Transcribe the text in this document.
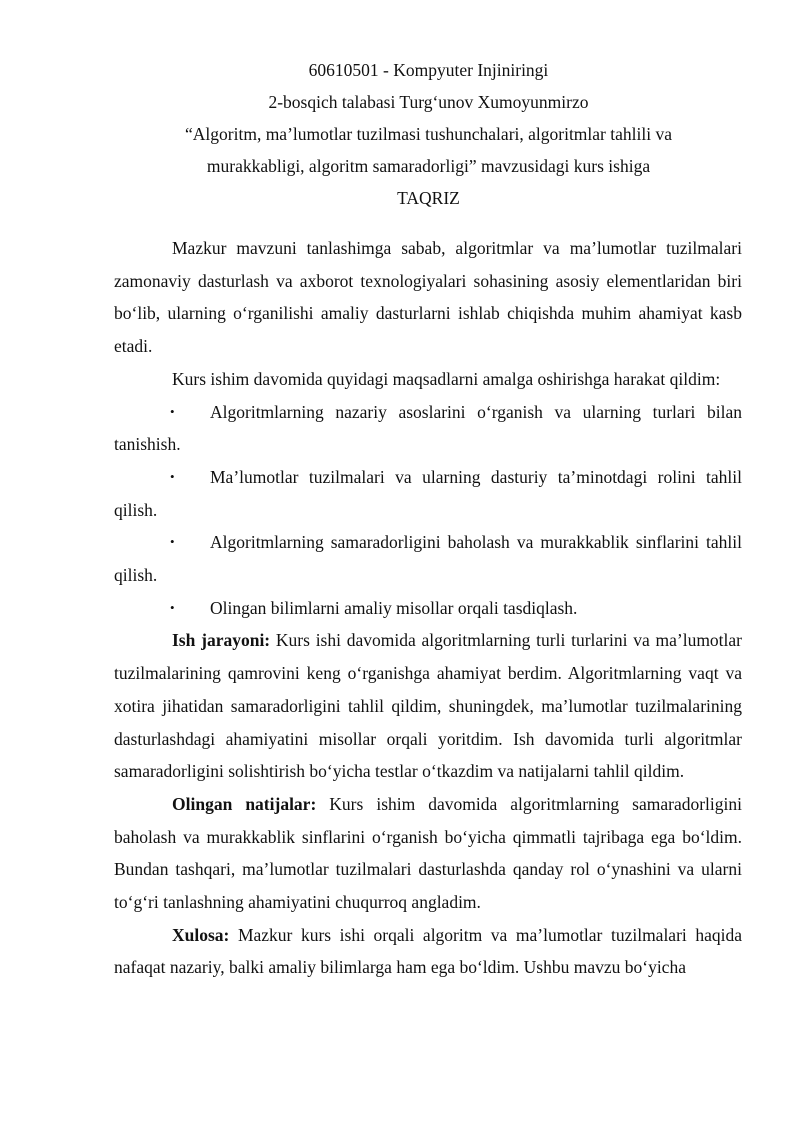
60610501 - Kompyuter Injiniringi
2-bosqich talabasi Turg‘unov Xumoyunmirzo
“Algoritm, ma’lumotlar tuzilmasi tushunchalari, algoritmlar tahlili va
murakkabligi, algoritm samaradorligi” mavzusidagi kurs ishiga
TAQRIZ

Mazkur mavzuni tanlashimga sabab, algoritmlar va ma’lumotlar tuzilmalari zamonaviy dasturlash va axborot texnologiyalari sohasining asosiy elementlaridan biri bo‘lib, ularning o‘rganilishi amaliy dasturlarni ishlab chiqishda muhim ahamiyat kasb etadi.

Kurs ishim davomida quyidagi maqsadlarni amalga oshirishga harakat qildim:

• Algoritmlarning nazariy asoslarini o‘rganish va ularning turlari bilan tanishish.

• Ma’lumotlar tuzilmalari va ularning dasturiy ta’minotdagi rolini tahlil qilish.

• Algoritmlarning samaradorligini baholash va murakkablik sinflarini tahlil qilish.

• Olingan bilimlarni amaliy misollar orqali tasdiqlash.

Ish jarayoni: Kurs ishi davomida algoritmlarning turli turlarini va ma’lumotlar tuzilmalarining qamrovini keng o‘rganishga ahamiyat berdim. Algoritmlarning vaqt va xotira jihatidan samaradorligini tahlil qildim, shuningdek, ma’lumotlar tuzilmalarining dasturlashdagi ahamiyatini misollar orqali yoritdim. Ish davomida turli algoritmlar samaradorligini solishtirish bo‘yicha testlar o‘tkazdim va natijalarni tahlil qildim.

Olingan natijalar: Kurs ishim davomida algoritmlarning samaradorligini baholash va murakkablik sinflarini o‘rganish bo‘yicha qimmatli tajribaga ega bo‘ldim. Bundan tashqari, ma’lumotlar tuzilmalari dasturlashda qanday rol o‘ynashini va ularni to‘g‘ri tanlashning ahamiyatini chuqurroq angladim.

Xulosa: Mazkur kurs ishi orqali algoritm va ma’lumotlar tuzilmalari haqida nafaqat nazariy, balki amaliy bilimlarga ham ega bo‘ldim. Ushbu mavzu bo‘yicha
